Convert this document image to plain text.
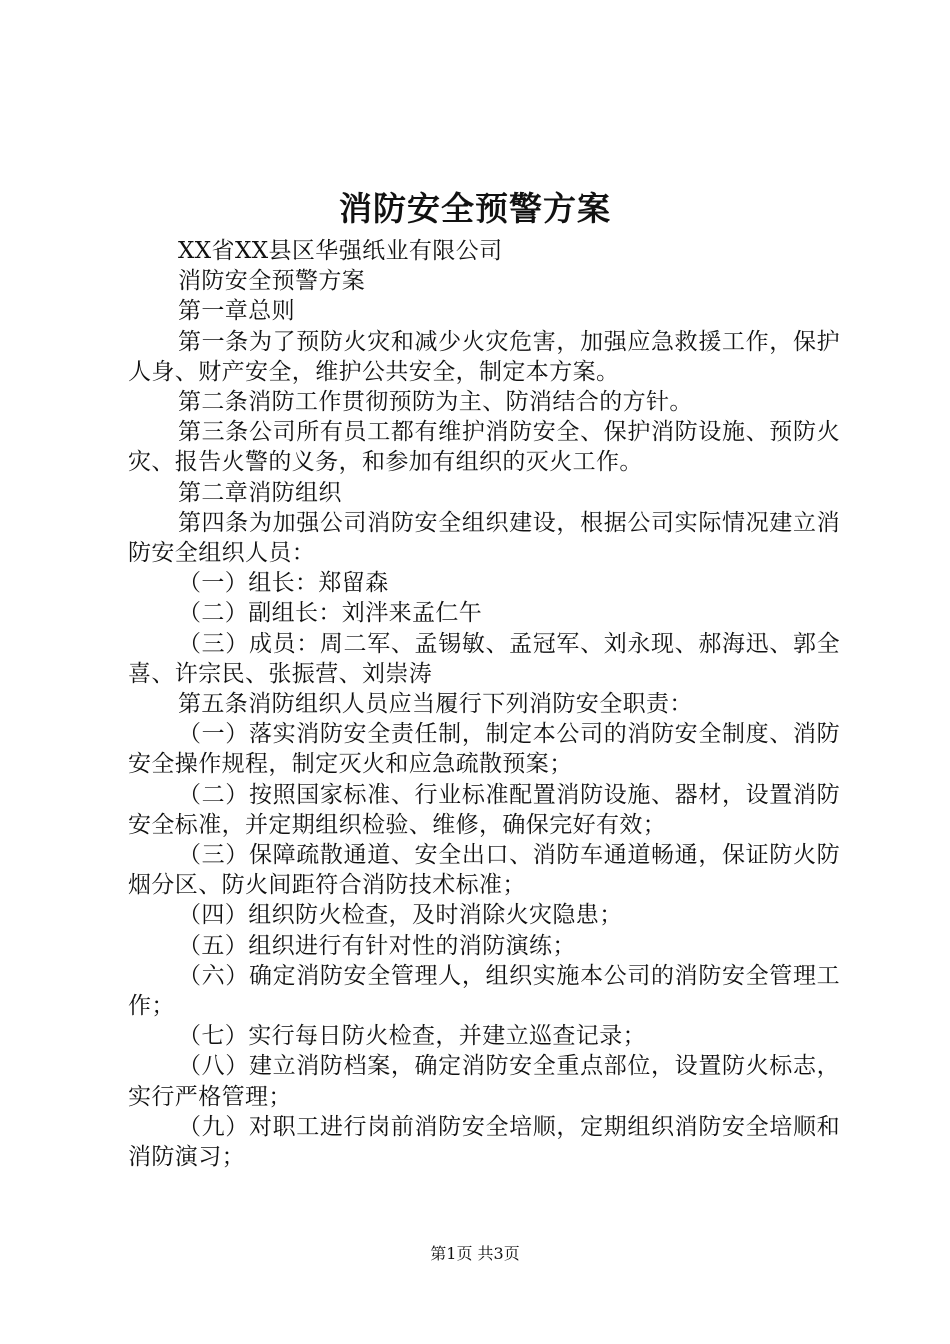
消防安全预警方案

XX省XX县区华强纸业有限公司

消防安全预警方案

第一章总则

第一条为了预防火灾和减少火灾危害，加强应急救援工作，保护人身、财产安全，维护公共安全，制定本方案。

第二条消防工作贯彻预防为主、防消结合的方针。

第三条公司所有员工都有维护消防安全、保护消防设施、预防火灾、报告火警的义务，和参加有组织的灭火工作。

第二章消防组织

第四条为加强公司消防安全组织建设，根据公司实际情况建立消防安全组织人员：

（一）组长：郑留森

（二）副组长：刘泮来孟仁午

（三）成员：周二军、孟锡敏、孟冠军、刘永现、郝海迅、郭全喜、许宗民、张振营、刘崇涛

第五条消防组织人员应当履行下列消防安全职责：

（一）落实消防安全责任制，制定本公司的消防安全制度、消防安全操作规程，制定灭火和应急疏散预案；

（二）按照国家标准、行业标准配置消防设施、器材，设置消防安全标准，并定期组织检验、维修，确保完好有效；

（三）保障疏散通道、安全出口、消防车通道畅通，保证防火防烟分区、防火间距符合消防技术标准；

（四）组织防火检查，及时消除火灾隐患；

（五）组织进行有针对性的消防演练；

（六）确定消防安全管理人，组织实施本公司的消防安全管理工作；

（七）实行每日防火检查，并建立巡查记录；

（八）建立消防档案，确定消防安全重点部位，设置防火标志，实行严格管理；

（九）对职工进行岗前消防安全培顺，定期组织消防安全培顺和消防演习；

第1页 共3页
